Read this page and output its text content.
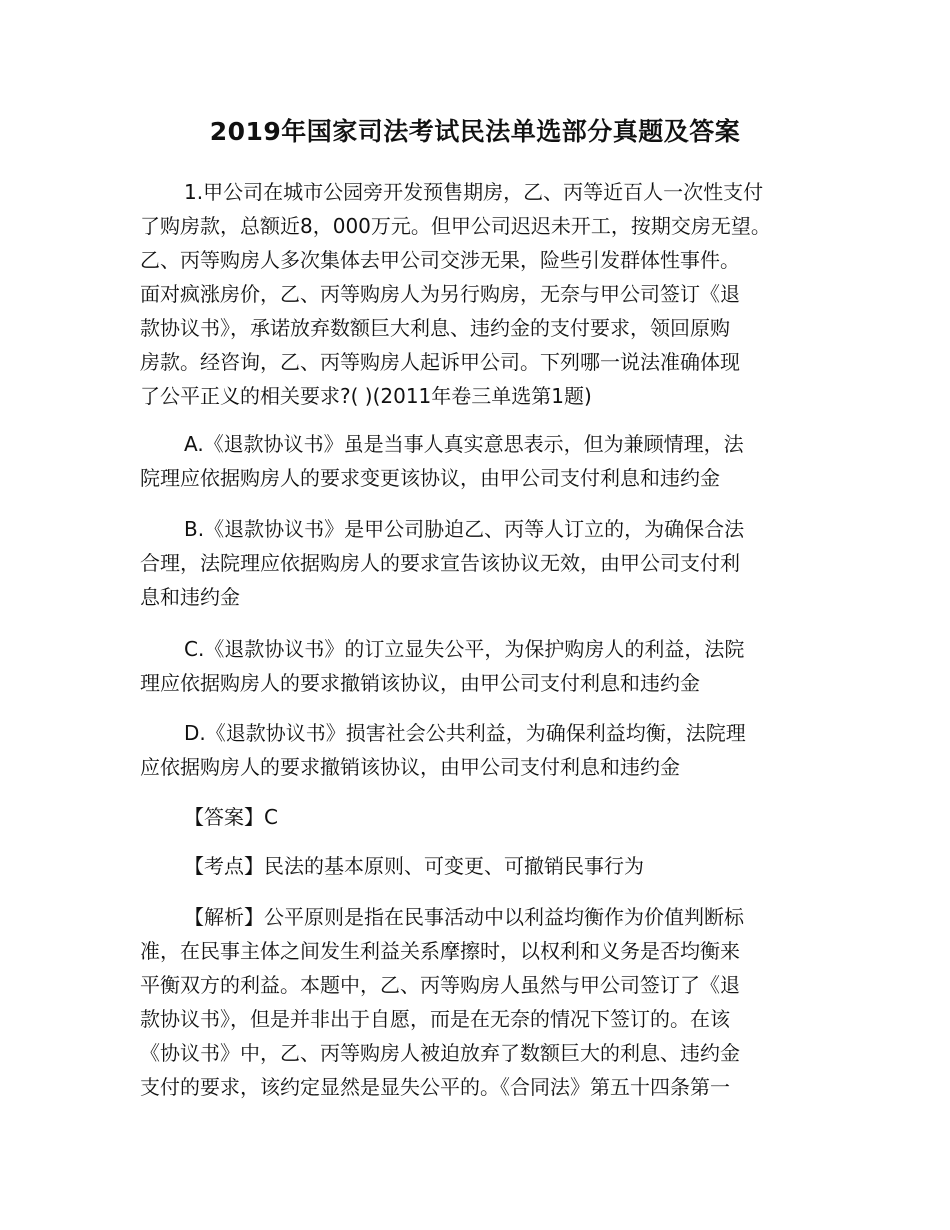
2019年国家司法考试民法单选部分真题及答案
1.甲公司在城市公园旁开发预售期房，乙、丙等近百人一次性支付
了购房款，总额近8，000万元。但甲公司迟迟未开工，按期交房无望。
乙、丙等购房人多次集体去甲公司交涉无果，险些引发群体性事件。
面对疯涨房价，乙、丙等购房人为另行购房，无奈与甲公司签订《退
款协议书》，承诺放弃数额巨大利息、违约金的支付要求，领回原购
房款。经咨询，乙、丙等购房人起诉甲公司。下列哪一说法准确体现
了公平正义的相关要求?( )(2011年卷三单选第1题)
A.《退款协议书》虽是当事人真实意思表示，但为兼顾情理，法
院理应依据购房人的要求变更该协议，由甲公司支付利息和违约金
B.《退款协议书》是甲公司胁迫乙、丙等人订立的，为确保合法
合理，法院理应依据购房人的要求宣告该协议无效，由甲公司支付利
息和违约金
C.《退款协议书》的订立显失公平，为保护购房人的利益，法院
理应依据购房人的要求撤销该协议，由甲公司支付利息和违约金
D.《退款协议书》损害社会公共利益，为确保利益均衡，法院理
应依据购房人的要求撤销该协议，由甲公司支付利息和违约金
【答案】C
【考点】民法的基本原则、可变更、可撤销民事行为
【解析】公平原则是指在民事活动中以利益均衡作为价值判断标
准，在民事主体之间发生利益关系摩擦时，以权利和义务是否均衡来
平衡双方的利益。本题中，乙、丙等购房人虽然与甲公司签订了《退
款协议书》，但是并非出于自愿，而是在无奈的情况下签订的。在该
《协议书》中，乙、丙等购房人被迫放弃了数额巨大的利息、违约金
支付的要求，该约定显然是显失公平的。《合同法》第五十四条第一
